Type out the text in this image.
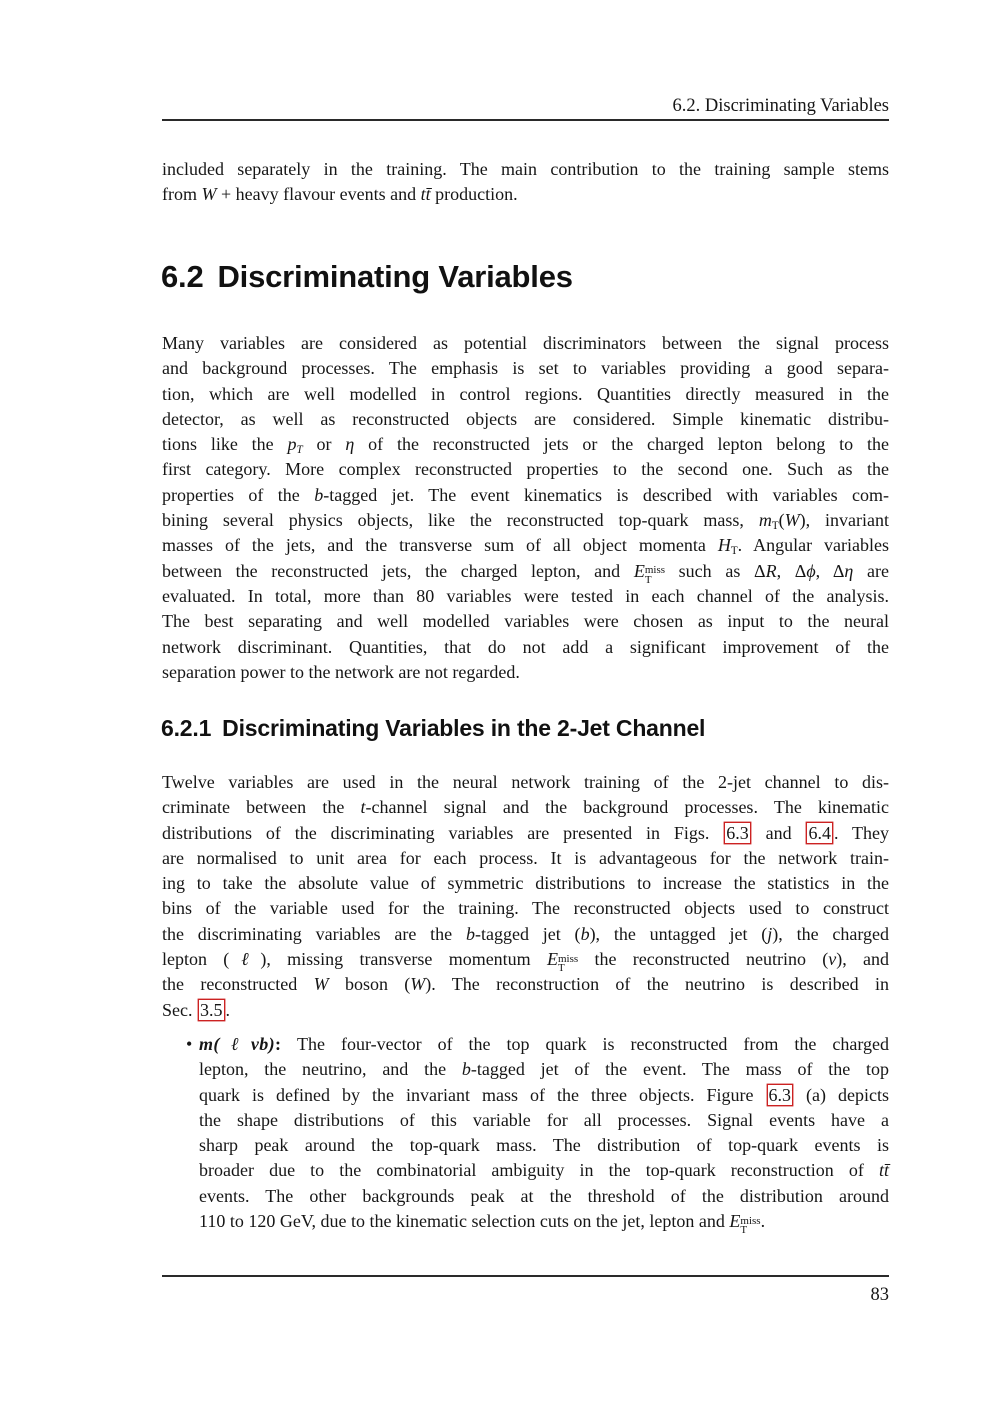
6.2. Discriminating Variables
included separately in the training. The main contribution to the training sample stems
from W + heavy flavour events and tt̄ production.
6.2 Discriminating Variables
Many variables are considered as potential discriminators between the signal process
and background processes. The emphasis is set to variables providing a good separa-
tion, which are well modelled in control regions. Quantities directly measured in the
detector, as well as reconstructed objects are considered. Simple kinematic distribu-
tions like the pT or η of the reconstructed jets or the charged lepton belong to the
first category. More complex reconstructed properties to the second one. Such as the
properties of the b-tagged jet. The event kinematics is described with variables com-
bining several physics objects, like the reconstructed top-quark mass, $m_T(W)$, invariant
masses of the jets, and the transverse sum of all object momenta $H_T$. Angular variables
between the reconstructed jets, the charged lepton, and E miss
T such as ΔR, Δϕ, Δη are
evaluated. In total, more than 80 variables were tested in each channel of the analysis.
The best separating and well modelled variables were chosen as input to the neural
network discriminant. Quantities, that do not add a significant improvement of the
separation power to the network are not regarded.
6.2.1 Discriminating Variables in the 2-Jet Channel
Twelve variables are used in the neural network training of the 2-jet channel to dis-
criminate between the t-channel signal and the background processes. The kinematic
distributions of the discriminating variables are presented in Figs. 6.3 and 6.4 . They
are normalised to unit area for each process. It is advantageous for the network train-
ing to take the absolute value of symmetric distributions to increase the statistics in the
bins of the variable used for the training. The reconstructed objects used to construct
the discriminating variables are the b-tagged jet (b), the untagged jet (j), the charged
lepton (ℓ), missing transverse momentum E miss
T the reconstructed neutrino (ν), and
the reconstructed W boson (W). The reconstruction of the neutrino is described in
Sec. 3.5 .
• m(ℓνb): The four-vector of the top quark is reconstructed from the charged
lepton, the neutrino, and the b-tagged jet of the event. The mass of the top
quark is defined by the invariant mass of the three objects. Figure 6.3 (a) depicts
the shape distributions of this variable for all processes. Signal events have a
sharp peak around the top-quark mass. The distribution of top-quark events is
broader due to the combinatorial ambiguity in the top-quark reconstruction of tt̄
events. The other backgrounds peak at the threshold of the distribution around
110 to 120 GeV, due to the kinematic selection cuts on the jet, lepton and E miss
T .
83
